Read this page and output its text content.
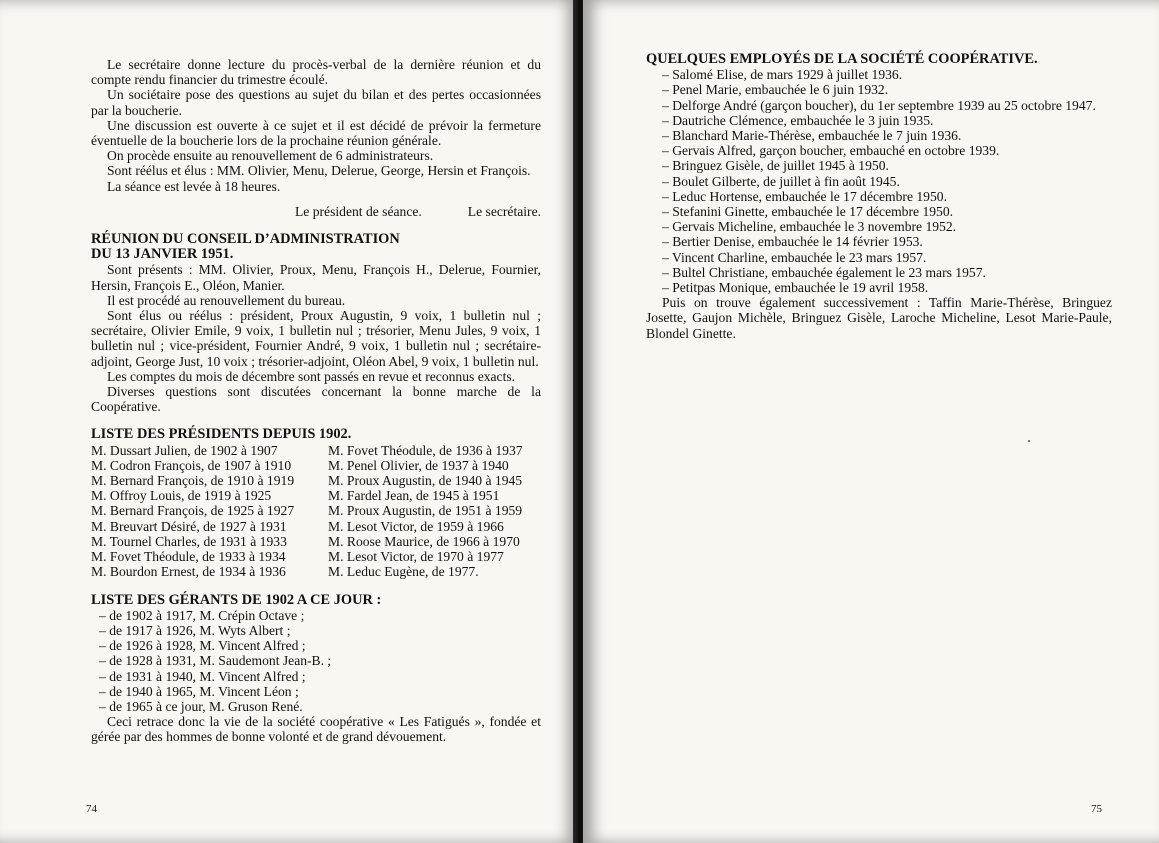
Le secrétaire donne lecture du procès-verbal de la dernière réunion et du compte rendu financier du trimestre écoulé.

Un sociétaire pose des questions au sujet du bilan et des pertes occasionnées par la boucherie.

Une discussion est ouverte à ce sujet et il est décidé de prévoir la fermeture éventuelle de la boucherie lors de la prochaine réunion générale.

On procède ensuite au renouvellement de 6 administrateurs.

Sont réélus et élus : MM. Olivier, Menu, Delerue, George, Hersin et François.

La séance est levée à 18 heures.

Le président de séance.	Le secrétaire.
RÉUNION DU CONSEIL D’ADMINISTRATION
DU 13 JANVIER 1951.

Sont présents : MM. Olivier, Proux, Menu, François H., Delerue, Fournier, Hersin, François E., Oléon, Manier.

Il est procédé au renouvellement du bureau.

Sont élus ou réélus : président, Proux Augustin, 9 voix, 1 bulletin nul ; secrétaire, Olivier Emile, 9 voix, 1 bulletin nul ; trésorier, Menu Jules, 9 voix, 1 bulletin nul ; vice-président, Fournier André, 9 voix, 1 bulletin nul ; secrétaire-adjoint, George Just, 10 voix ; trésorier-adjoint, Oléon Abel, 9 voix, 1 bulletin nul.

Les comptes du mois de décembre sont passés en revue et reconnus exacts.

Diverses questions sont discutées concernant la bonne marche de la Coopérative.

LISTE DES PRÉSIDENTS DEPUIS 1902.
M. Dussart Julien, de 1902 à 1907	M. Fovet Théodule, de 1936 à 1937
M. Codron François, de 1907 à 1910	M. Penel Olivier, de 1937 à 1940
M. Bernard François, de 1910 à 1919	M. Proux Augustin, de 1940 à 1945
M. Offroy Louis, de 1919 à 1925	M. Fardel Jean, de 1945 à 1951
M. Bernard François, de 1925 à 1927	M. Proux Augustin, de 1951 à 1959
M. Breuvart Désiré, de 1927 à 1931	M. Lesot Victor, de 1959 à 1966
M. Tournel Charles, de 1931 à 1933	M. Roose Maurice, de 1966 à 1970
M. Fovet Théodule, de 1933 à 1934	M. Lesot Victor, de 1970 à 1977
M. Bourdon Ernest, de 1934 à 1936	M. Leduc Eugène, de 1977.
LISTE DES GÉRANTS DE 1902 A CE JOUR :
– de 1902 à 1917, M. Crépin Octave ;
– de 1917 à 1926, M. Wyts Albert ;
– de 1926 à 1928, M. Vincent Alfred ;
– de 1928 à 1931, M. Saudemont Jean-B. ;
– de 1931 à 1940, M. Vincent Alfred ;
– de 1940 à 1965, M. Vincent Léon ;
– de 1965 à ce jour, M. Gruson René.

Ceci retrace donc la vie de la société coopérative « Les Fatigués », fondée et gérée par des hommes de bonne volonté et de grand dévouement.

74
QUELQUES EMPLOYÉS DE LA SOCIÉTÉ COOPÉRATIVE.

– Salomé Elise, de mars 1929 à juillet 1936.

– Penel Marie, embauchée le 6 juin 1932.

– Delforge André (garçon boucher), du 1er septembre 1939 au 25 octobre 1947.

– Dautriche Clémence, embauchée le 3 juin 1935.

– Blanchard Marie-Thérèse, embauchée le 7 juin 1936.

– Gervais Alfred, garçon boucher, embauché en octobre 1939.

– Bringuez Gisèle, de juillet 1945 à 1950.

– Boulet Gilberte, de juillet à fin août 1945.

– Leduc Hortense, embauchée le 17 décembre 1950.

– Stefanini Ginette, embauchée le 17 décembre 1950.

– Gervais Micheline, embauchée le 3 novembre 1952.

– Bertier Denise, embauchée le 14 février 1953.

– Vincent Charline, embauchée le 23 mars 1957.

– Bultel Christiane, embauchée également le 23 mars 1957.

– Petitpas Monique, embauchée le 19 avril 1958.

Puis on trouve également successivement : Taffin Marie-Thérèse, Bringuez Josette, Gaujon Michèle, Bringuez Gisèle, Laroche Micheline, Lesot Marie-Paule, Blondel Ginette.

75
